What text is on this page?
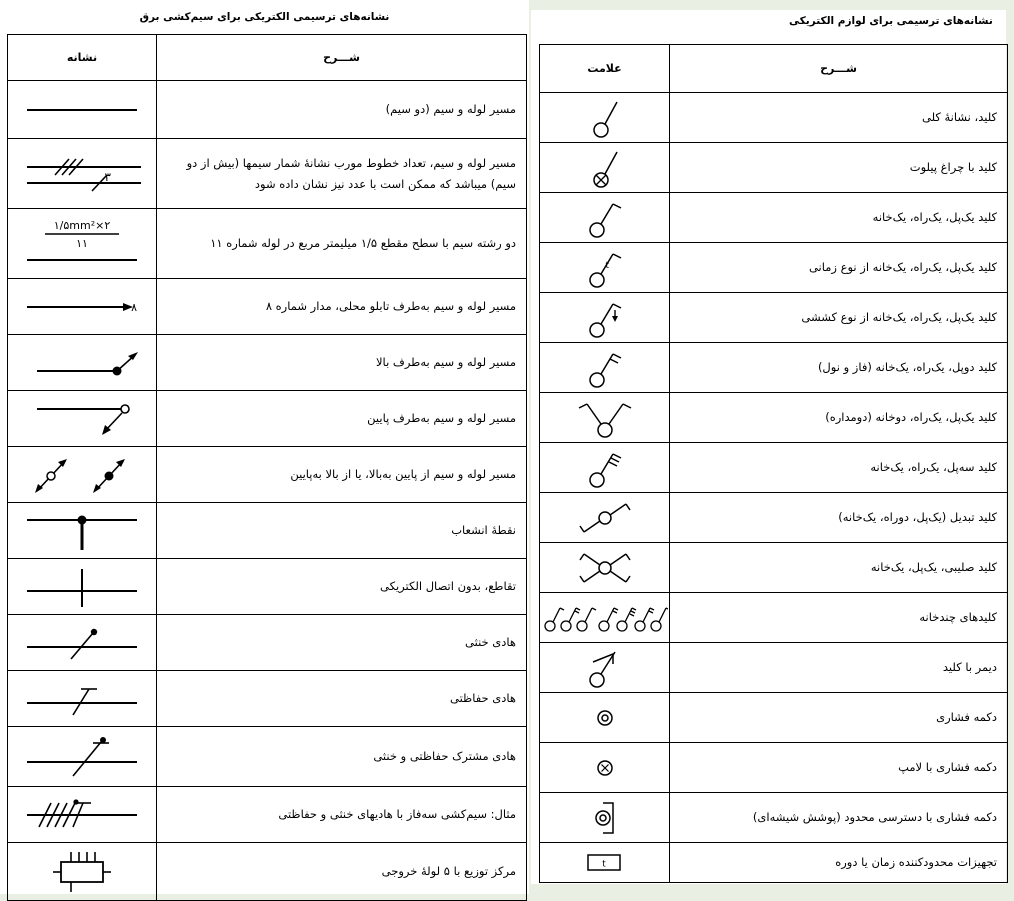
نشانه‌های ترسیمی الکتریکی برای سیم‌کشی برق
شـــرح	نشانه
مسیر لوله و سیم (دو سیم)	

مسیر لوله و سیم، تعداد خطوط مورب نشانهٔ شمار سیمها (بیش از دو سیم) میباشد که ممکن است با عدد نیز نشان داده شود	۳

دو رشته سیم با سطح مقطع ۱/۵ میلیمتر مربع در لوله شماره ۱۱	۲×۱/۵mm²
۱۱

مسیر لوله و سیم به‌طرف تابلو محلی، مدار شماره ۸	۸

مسیر لوله و سیم به‌طرف بالا	

مسیر لوله و سیم به‌طرف پایین	

مسیر لوله و سیم از پایین به‌بالا، یا از بالا به‌پایین	

نقطهٔ انشعاب	

تقاطع، بدون اتصال الکتریکی	

هادی خنثی	

هادی حفاظتی	

هادی مشترک حفاظتی و خنثی	

مثال: سیم‌کشی سه‌فاز با هادیهای خنثی و حفاظتی	

مرکز توزیع با ۵ لولهٔ خروجی	
نشانه‌های ترسیمی برای لوازم الکتریکی
شـــرح	علامت
کلید، نشانهٔ کلی	

کلید با چراغ پیلوت	

کلید یک‌پل، یک‌راه، یک‌خانه	

کلید یک‌پل، یک‌راه، یک‌خانه از نوع زمانی	t

کلید یک‌پل، یک‌راه، یک‌خانه از نوع کششی	

کلید دوپل، یک‌راه، یک‌خانه (فاز و نول)	

کلید یک‌پل، یک‌راه، دوخانه (دومداره)	

کلید سه‌پل، یک‌راه، یک‌خانه	

کلید تبدیل (یک‌پل، دوراه، یک‌خانه)	

کلید صلیبی، یک‌پل، یک‌خانه	

کلیدهای چندخانه	

دیمر با کلید	

دکمه فشاری	

دکمه فشاری با لامپ	

دکمه فشاری با دسترسی محدود (پوشش شیشه‌ای)	

تجهیزات محدودکننده زمان یا دوره	t
